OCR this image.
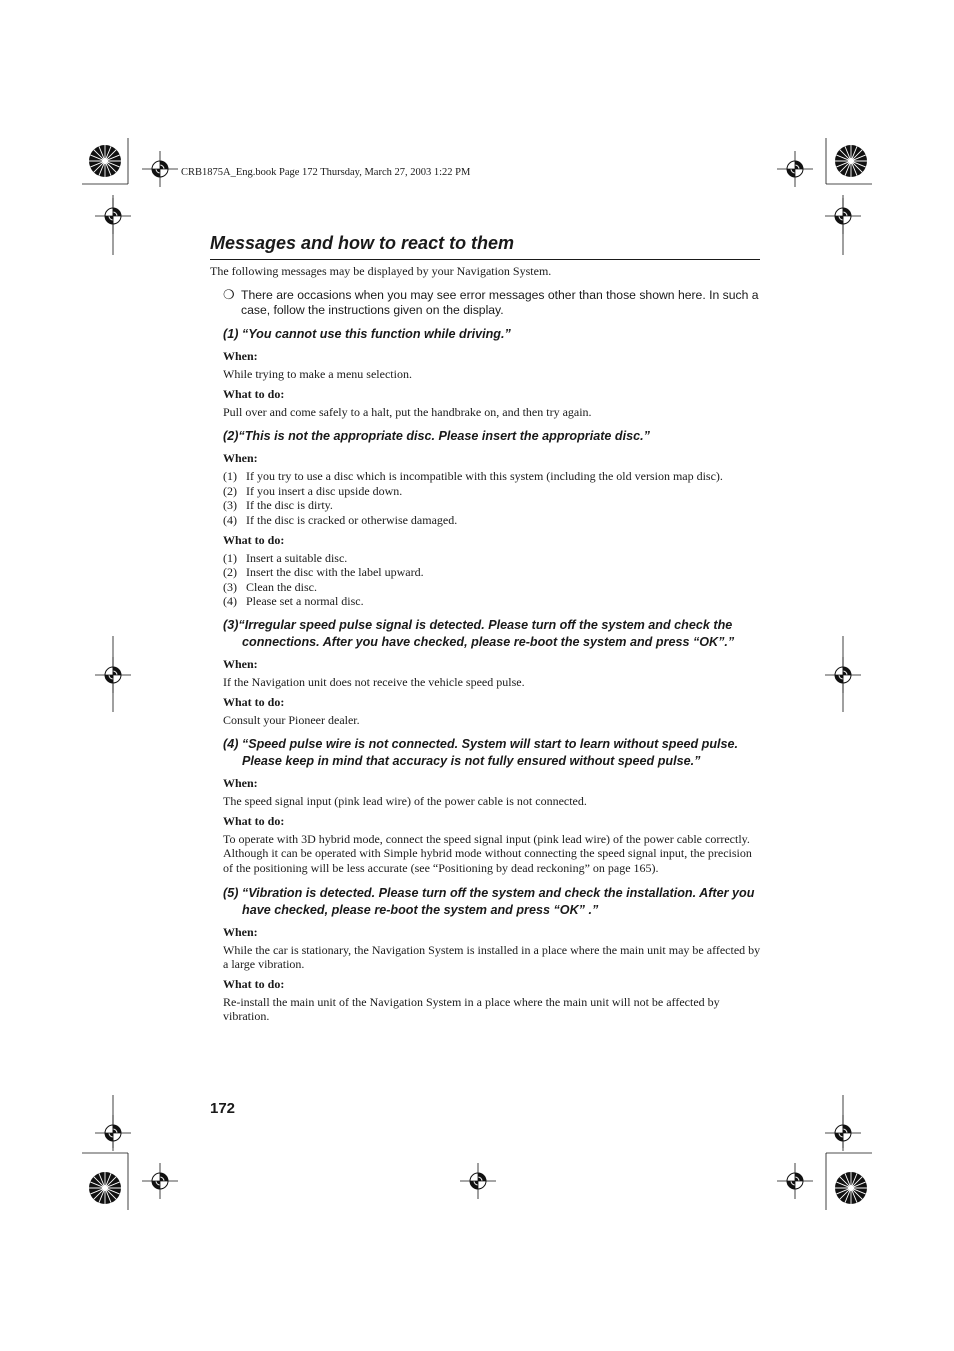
CRB1875A_Eng.book Page 172 Thursday, March 27, 2003 1:22 PM
Messages and how to react to them
The following messages may be displayed by your Navigation System.
❍ There are occasions when you may see error messages other than those shown here. In such a case, follow the instructions given on the display.
(1) “You cannot use this function while driving.”
When:
While trying to make a menu selection.
What to do:
Pull over and come safely to a halt, put the handbrake on, and then try again.
(2)“This is not the appropriate disc. Please insert the appropriate disc.”
When:
(1) If you try to use a disc which is incompatible with this system (including the old version map disc).
(2) If you insert a disc upside down.
(3) If the disc is dirty.
(4) If the disc is cracked or otherwise damaged.
What to do:
(1) Insert a suitable disc.
(2) Insert the disc with the label upward.
(3) Clean the disc.
(4) Please set a normal disc.
(3)“Irregular speed pulse signal is detected. Please turn off the system and check the connections. After you have checked, please re-boot the system and press “OK”.”
When:
If the Navigation unit does not receive the vehicle speed pulse.
What to do:
Consult your Pioneer dealer.
(4) “Speed pulse wire is not connected. System will start to learn without speed pulse. Please keep in mind that accuracy is not fully ensured without speed pulse.”
When:
The speed signal input (pink lead wire) of the power cable is not connected.
What to do:
To operate with 3D hybrid mode, connect the speed signal input (pink lead wire) of the power cable correctly. Although it can be operated with Simple hybrid mode without connecting the speed signal input, the precision of the positioning will be less accurate (see “Positioning by dead reckoning” on page 165).
(5) “Vibration is detected. Please turn off the system and check the installation. After you have checked, please re-boot the system and press “OK” .”
When:
While the car is stationary, the Navigation System is installed in a place where the main unit may be affected by a large vibration.
What to do:
Re-install the main unit of the Navigation System in a place where the main unit will not be affected by vibration.
172
